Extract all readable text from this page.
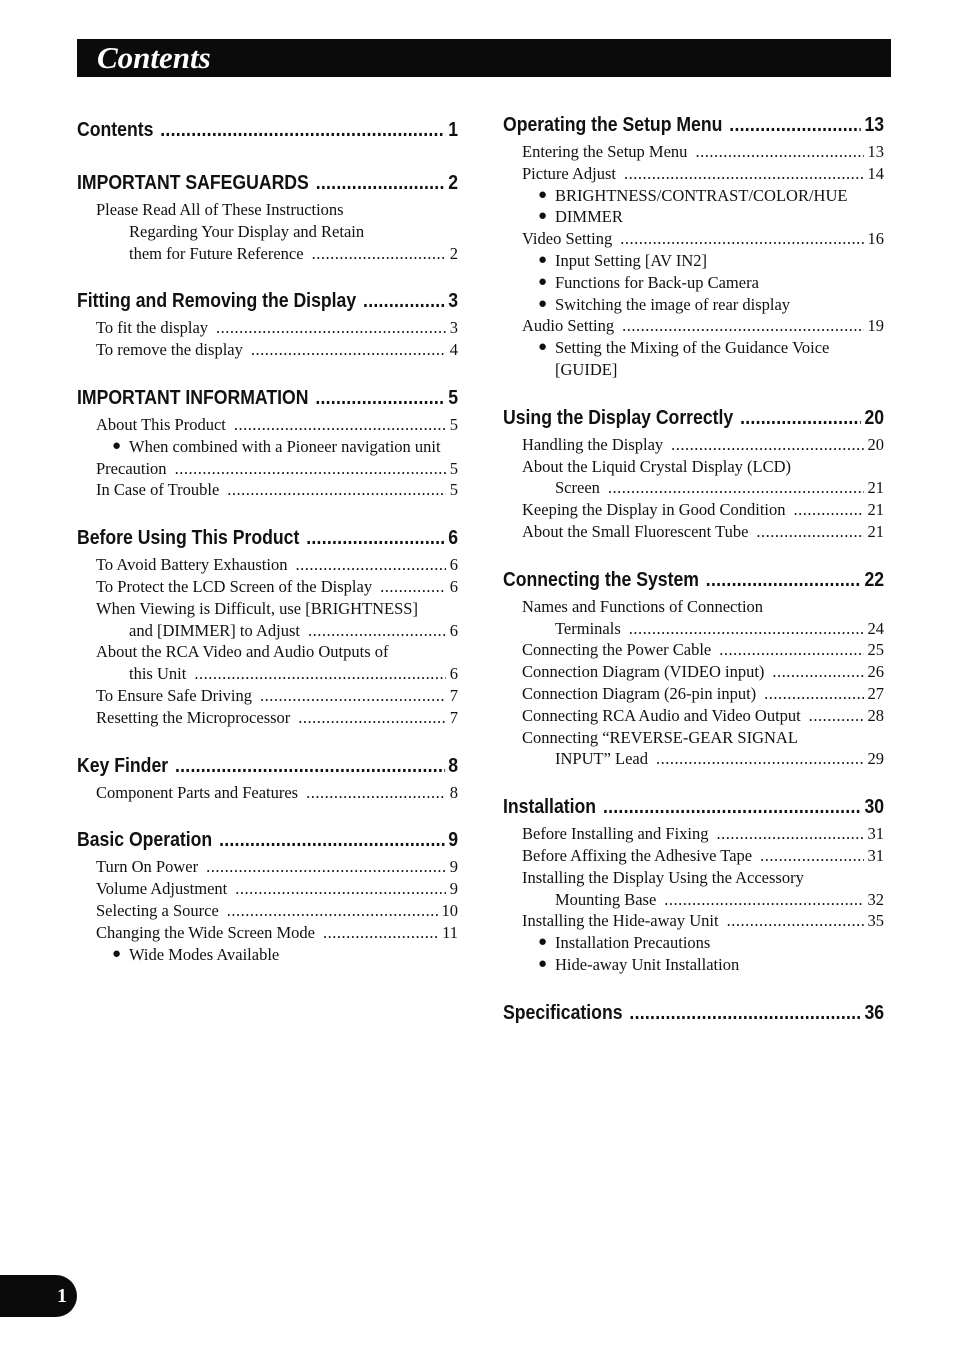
Contents
Contents .....	1
IMPORTANT SAFEGUARDS .....	2
Please Read All of These Instructions
Regarding Your Display and Retain
them for Future Reference .....	2
Fitting and Removing the Display .....	3
To fit the display .....	3
To remove the display .....	4
IMPORTANT INFORMATION .....	5
About This Product .....	5
● When combined with a Pioneer navigation unit
Precaution .....	5
In Case of Trouble .....	5
Before Using This Product .....	6
To Avoid Battery Exhaustion .....	6
To Protect the LCD Screen of the Display .....	6
When Viewing is Difficult, use [BRIGHTNESS]
and [DIMMER] to Adjust .....	6
About the RCA Video and Audio Outputs of
this Unit .....	6
To Ensure Safe Driving .....	7
Resetting the Microprocessor .....	7
Key Finder .....	8
Component Parts and Features .....	8
Basic Operation .....	9
Turn On Power .....	9
Volume Adjustment .....	9
Selecting a Source .....	10
Changing the Wide Screen Mode .....	11
● Wide Modes Available
Operating the Setup Menu .....	13
Entering the Setup Menu .....	13
Picture Adjust .....	14
● BRIGHTNESS/CONTRAST/COLOR/HUE
● DIMMER
Video Setting .....	16
● Input Setting [AV IN2]
● Functions for Back-up Camera
● Switching the image of rear display
Audio Setting .....	19
● Setting the Mixing of the Guidance Voice [GUIDE]
Using the Display Correctly .....	20
Handling the Display .....	20
About the Liquid Crystal Display (LCD)
Screen .....	21
Keeping the Display in Good Condition .....	21
About the Small Fluorescent Tube .....	21
Connecting the System .....	22
Names and Functions of Connection
Terminals .....	24
Connecting the Power Cable .....	25
Connection Diagram (VIDEO input) .....	26
Connection Diagram (26-pin input) .....	27
Connecting RCA Audio and Video Output .....	28
Connecting “REVERSE-GEAR SIGNAL
INPUT” Lead .....	29
Installation .....	30
Before Installing and Fixing .....	31
Before Affixing the Adhesive Tape .....	31
Installing the Display Using the Accessory
Mounting Base .....	32
Installing the Hide-away Unit .....	35
● Installation Precautions
● Hide-away Unit Installation
Specifications .....	36
1
